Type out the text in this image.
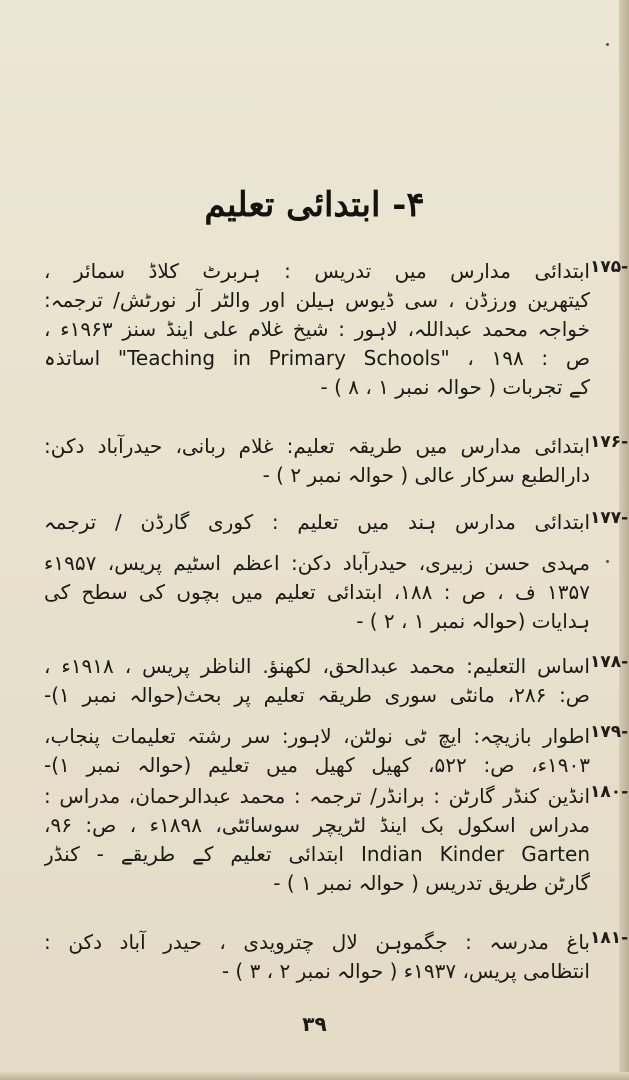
۴- ابتدائی تعلیم
۱۷۵-
ابتدائی مدارس میں تدریس : ہربرٹ کلاڈ سمائر ،
کیتھرین ورزڈن ، سی ڈیوس ہیلن اور والٹر آر نورٹش/ ترجمہ:
خواجہ محمد عبداللہ، لاہور : شیخ غلام علی اینڈ سنز ۱۹۶۳ء ،
ص : ۱۹۸ ، "Teaching in Primary Schools" اساتذہ
کے تجربات ( حوالہ نمبر ۱ ، ۸ ) -
۱۷۶-
ابتدائی مدارس میں طریقہ تعلیم: غلام ربانی، حیدرآباد دکن:
دارالطبع سرکار عالی ( حوالہ نمبر ۲ ) -
۱۷۷-
ابتدائی مدارس ہند میں تعلیم : کوری گارڈن / ترجمہ
مہدی حسن زبیری، حیدرآباد دکن: اعظم اسٹیم پریس، ۱۹۵۷ء
۱۳۵۷ ف ، ص : ۱۸۸، ابتدائی تعلیم میں بچوں کی سطح کی
ہدایات (حوالہ نمبر ۱ ، ۲ ) -
۱۷۸-
اساس التعلیم: محمد عبدالحق، لکھنؤ. الناظر پریس ، ۱۹۱۸ء ،
ص: ۲۸۶، مانٹی سوری طریقہ تعلیم پر بحث(حوالہ نمبر ۱)-
۱۷۹-
اطوار بازیچہ: ایچ ٹی نولٹن، لاہور: سر رشتہ تعلیمات پنجاب،
۱۹۰۳ء، ص: ۵۲۲، کھیل کھیل میں تعلیم (حوالہ نمبر ۱)-
۱۸۰-
انڈین کنڈر گارٹن : برانڈر/ ترجمہ : محمد عبدالرحمان، مدراس :
مدراس اسکول بک اینڈ لٹریچر سوسائٹی، ۱۸۹۸ء ، ص: ۹۶،
Indian Kinder Garten ابتدائی تعلیم کے طریقے - کنڈر
گارٹن طریق تدریس ( حوالہ نمبر ۱ ) -
۱۸۱-
باغ مدرسہ : جگموہن لال چترویدی ، حیدر آباد دکن :
انتظامی پریس، ۱۹۳۷ء ( حوالہ نمبر ۲ ، ۳ ) -
۳۹
